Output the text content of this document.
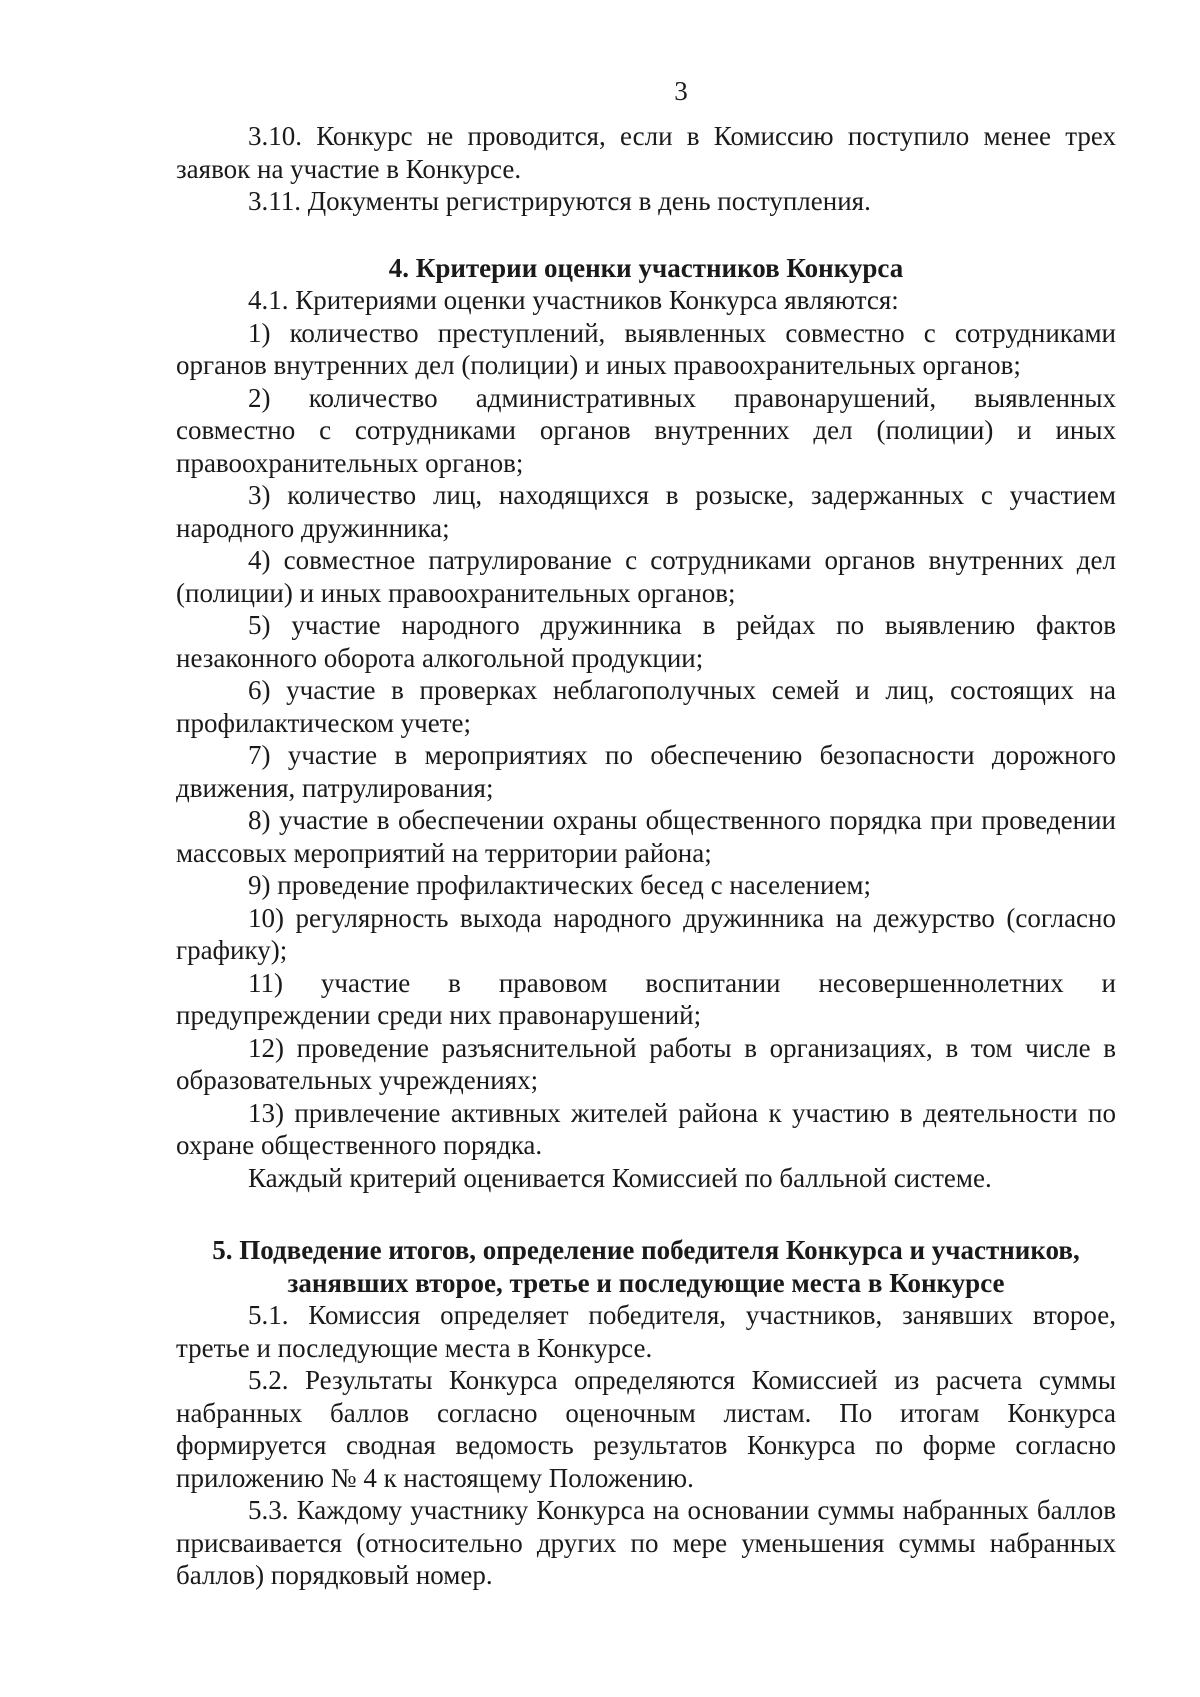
3

3.10. Конкурс не проводится, если в Комиссию поступило менее трех заявок на участие в Конкурсе.

3.11. Документы регистрируются в день поступления.

4. Критерии оценки участников Конкурса

4.1. Критериями оценки участников Конкурса являются:

1) количество преступлений, выявленных совместно с сотрудниками органов внутренних дел (полиции) и иных правоохранительных органов;

2) количество административных правонарушений, выявленных совместно с сотрудниками органов внутренних дел (полиции) и иных правоохранительных органов;

3) количество лиц, находящихся в розыске, задержанных с участием народного дружинника;

4) совместное патрулирование с сотрудниками органов внутренних дел (полиции) и иных правоохранительных органов;

5) участие народного дружинника в рейдах по выявлению фактов незаконного оборота алкогольной продукции;

6) участие в проверках неблагополучных семей и лиц, состоящих на профилактическом учете;

7) участие в мероприятиях по обеспечению безопасности дорожного движения, патрулирования;

8) участие в обеспечении охраны общественного порядка при проведении массовых мероприятий на территории района;

9) проведение профилактических бесед с населением;

10) регулярность выхода народного дружинника на дежурство (согласно графику);

11) участие в правовом воспитании несовершеннолетних и предупреждении среди них правонарушений;

12) проведение разъяснительной работы в организациях, в том числе в образовательных учреждениях;

13) привлечение активных жителей района к участию в деятельности по охране общественного порядка.

Каждый критерий оценивается Комиссией по балльной системе.

5. Подведение итогов, определение победителя Конкурса и участников,
занявших второе, третье и последующие места в Конкурсе

5.1. Комиссия определяет победителя, участников, занявших второе, третье и последующие места в Конкурсе.

5.2. Результаты Конкурса определяются Комиссией из расчета суммы набранных баллов согласно оценочным листам. По итогам Конкурса формируется сводная ведомость результатов Конкурса по форме согласно приложению № 4 к настоящему Положению.

5.3. Каждому участнику Конкурса на основании суммы набранных баллов присваивается (относительно других по мере уменьшения суммы набранных баллов) порядковый номер.
